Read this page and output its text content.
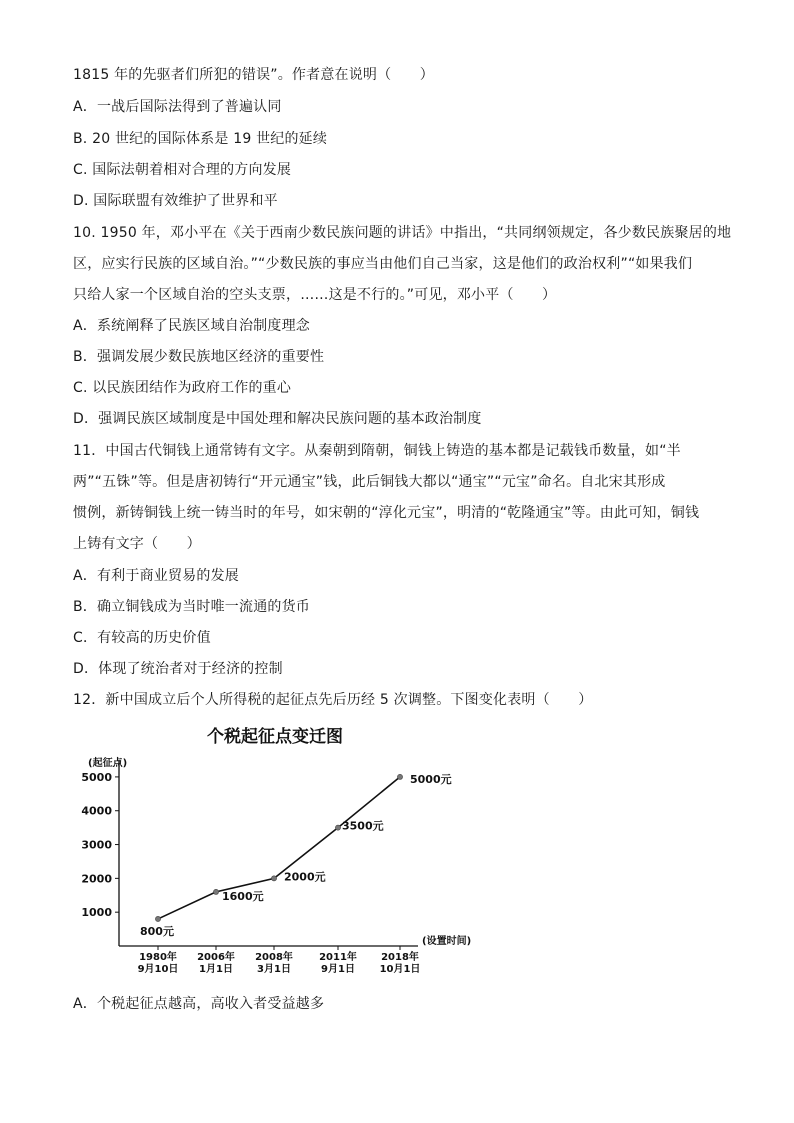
1815 年的先驱者们所犯的错误”。作者意在说明（　　）
A．一战后国际法得到了普遍认同
B. 20 世纪的国际体系是 19 世纪的延续
C. 国际法朝着相对合理的方向发展
D. 国际联盟有效维护了世界和平
10. 1950 年，邓小平在《关于西南少数民族问题的讲话》中指出，“共同纲领规定，各少数民族聚居的地
区，应实行民族的区域自治。”“少数民族的事应当由他们自己当家，这是他们的政治权利”“如果我们
只给人家一个区域自治的空头支票，……这是不行的。”可见，邓小平（　　）
A．系统阐释了民族区域自治制度理念
B．强调发展少数民族地区经济的重要性
C. 以民族团结作为政府工作的重心
D．强调民族区域制度是中国处理和解决民族问题的基本政治制度
11．中国古代铜钱上通常铸有文字。从秦朝到隋朝，铜钱上铸造的基本都是记载钱币数量，如“半
两”“五铢”等。但是唐初铸行“开元通宝”钱，此后铜钱大都以“通宝”“元宝”命名。自北宋其形成
惯例，新铸铜钱上统一铸当时的年号，如宋朝的“淳化元宝”，明清的“乾隆通宝”等。由此可知，铜钱
上铸有文字（　　）
A．有利于商业贸易的发展
B．确立铜钱成为当时唯一流通的货币
C．有较高的历史价值
D．体现了统治者对于经济的控制
12．新中国成立后个人所得税的起征点先后历经 5 次调整。下图变化表明（　　）
个税起征点变迁图
(起征点)
(设置时间)
1000
2000
3000
4000
5000
1980年
9月10日
2006年
1月1日
2008年
3月1日
2011年
9月1日
2018年
10月1日
800元
1600元
2000元
3500元
5000元
A．个税起征点越高，高收入者受益越多
